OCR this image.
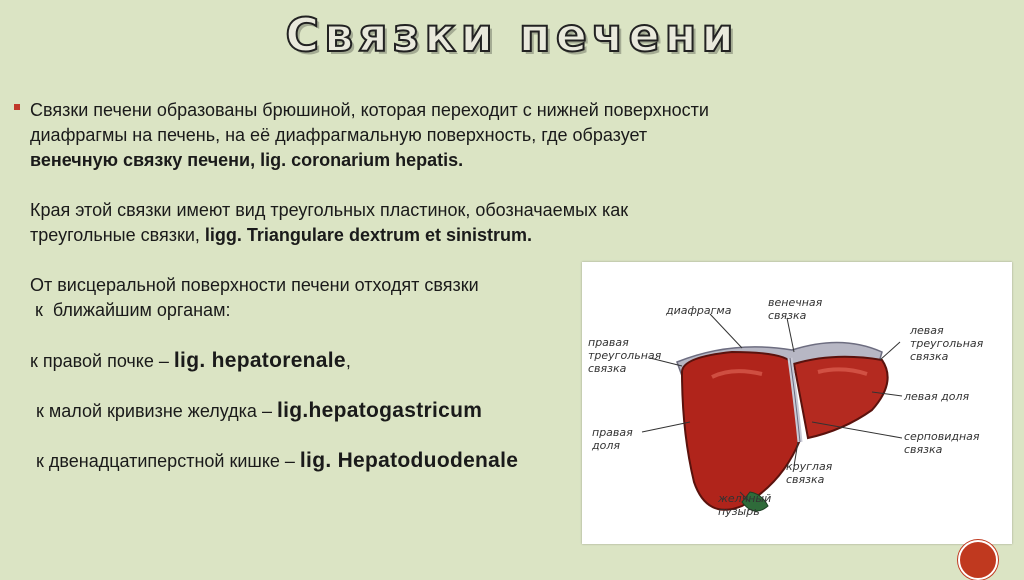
Связки печени

Связки печени образованы брюшиной, которая переходит с нижней поверхности

диафрагмы на печень, на её диафрагмальную поверхность, где образует

венечную связку печени, lig. coronarium hepatis.

Края этой связки имеют вид треугольных пластинок, обозначаемых как

треугольные связки, ligg. Triangulare dextrum et sinistrum.

От висцеральной поверхности печени отходят связки

к  ближайшим органам:

к правой почке – lig. hepatorenale,

к малой кривизне желудка – lig.hepatogastricum

к двенадцатиперстной кишке – lig. Hepatoduodenale

диафрагма
венечная
связка
правая
треугольная
связка
левая
треугольная
связка
левая доля
правая
доля
серповидная
связка
круглая
связка
желчный
пузырь
